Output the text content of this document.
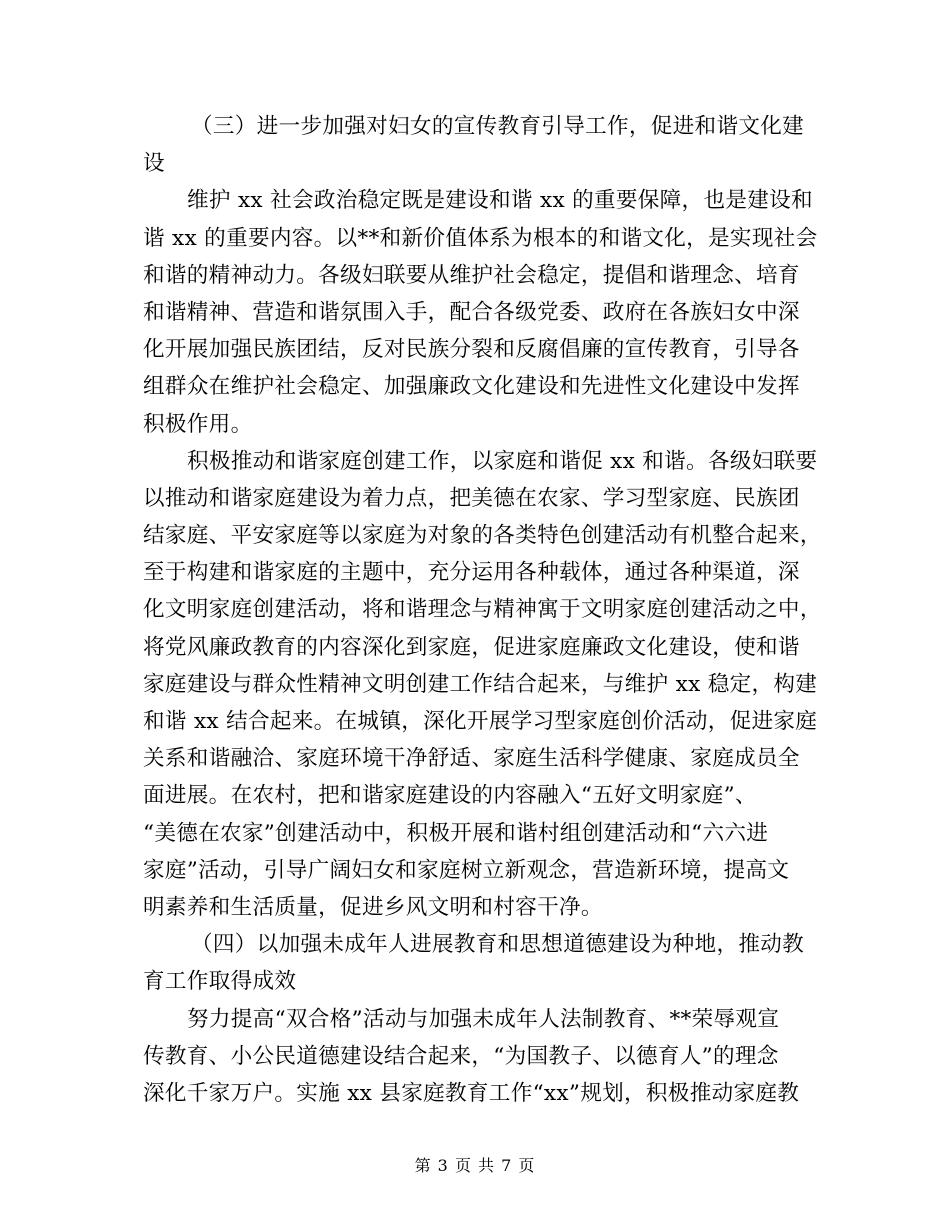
（三）进一步加强对妇女的宣传教育引导工作，促进和谐文化建
设

维护 xx 社会政治稳定既是建设和谐 xx 的重要保障，也是建设和
谐 xx 的重要内容。以**和新价值体系为根本的和谐文化，是实现社会
和谐的精神动力。各级妇联要从维护社会稳定，提倡和谐理念、培育
和谐精神、营造和谐氛围入手，配合各级党委、政府在各族妇女中深
化开展加强民族团结，反对民族分裂和反腐倡廉的宣传教育，引导各
组群众在维护社会稳定、加强廉政文化建设和先进性文化建设中发挥
积极作用。

积极推动和谐家庭创建工作，以家庭和谐促 xx 和谐。各级妇联要
以推动和谐家庭建设为着力点，把美德在农家、学习型家庭、民族团
结家庭、平安家庭等以家庭为对象的各类特色创建活动有机整合起来，
至于构建和谐家庭的主题中，充分运用各种载体，通过各种渠道，深
化文明家庭创建活动，将和谐理念与精神寓于文明家庭创建活动之中，
将党风廉政教育的内容深化到家庭，促进家庭廉政文化建设，使和谐
家庭建设与群众性精神文明创建工作结合起来，与维护 xx 稳定，构建
和谐 xx 结合起来。在城镇，深化开展学习型家庭创价活动，促进家庭
关系和谐融洽、家庭环境干净舒适、家庭生活科学健康、家庭成员全
面进展。在农村，把和谐家庭建设的内容融入“五好文明家庭”、
“美德在农家”创建活动中，积极开展和谐村组创建活动和“六六进
家庭”活动，引导广阔妇女和家庭树立新观念，营造新环境，提高文
明素养和生活质量，促进乡风文明和村容干净。

（四）以加强未成年人进展教育和思想道德建设为种地，推动教
育工作取得成效

努力提高“双合格”活动与加强未成年人法制教育、**荣辱观宣
传教育、小公民道德建设结合起来，“为国教子、以德育人”的理念
深化千家万户。实施 xx 县家庭教育工作“xx”规划，积极推动家庭教

第 3 页 共 7 页
